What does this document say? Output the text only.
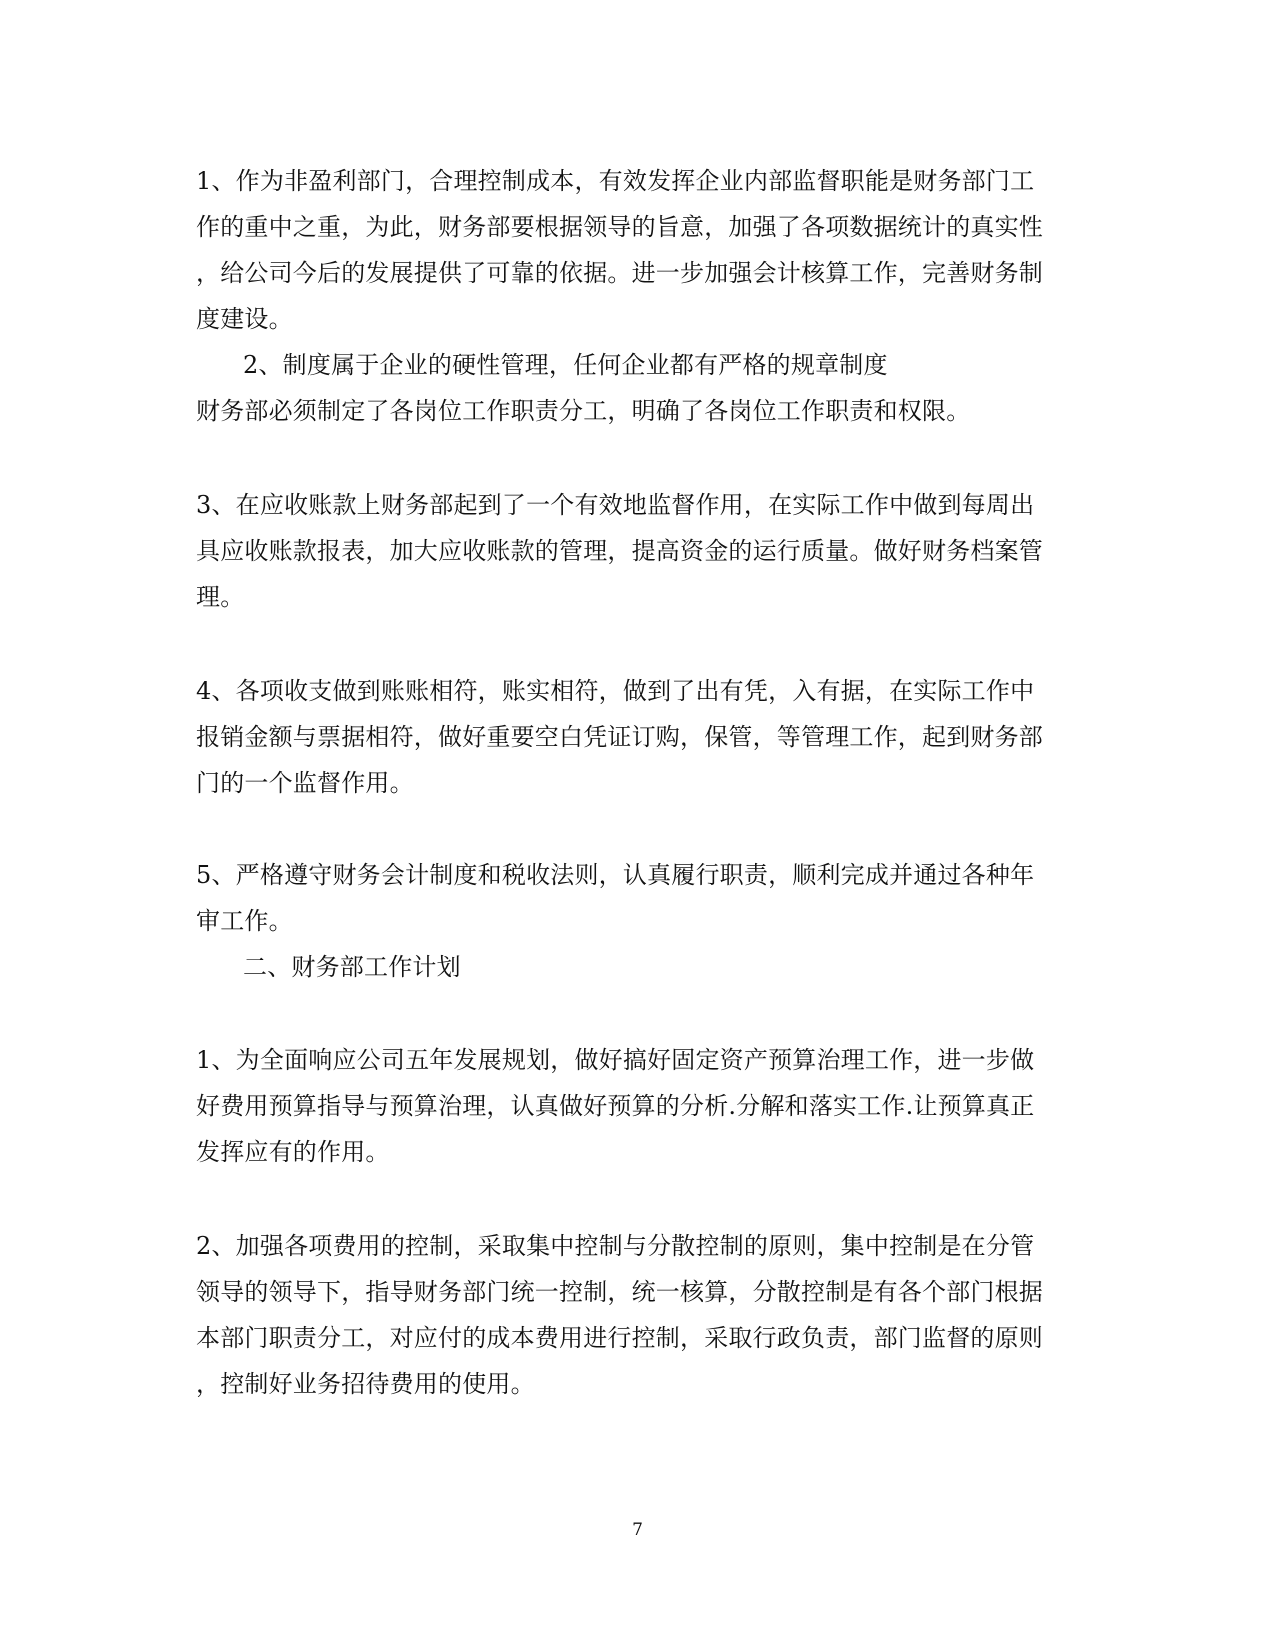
1、作为非盈利部门，合理控制成本，有效发挥企业内部监督职能是财务部门工
作的重中之重，为此，财务部要根据领导的旨意，加强了各项数据统计的真实性
，给公司今后的发展提供了可靠的依据。进一步加强会计核算工作，完善财务制
度建设。
2、制度属于企业的硬性管理，任何企业都有严格的规章制度
财务部必须制定了各岗位工作职责分工，明确了各岗位工作职责和权限。
3、在应收账款上财务部起到了一个有效地监督作用，在实际工作中做到每周出
具应收账款报表，加大应收账款的管理，提高资金的运行质量。做好财务档案管
理。
4、各项收支做到账账相符，账实相符，做到了出有凭，入有据，在实际工作中
报销金额与票据相符，做好重要空白凭证订购，保管，等管理工作，起到财务部
门的一个监督作用。
5、严格遵守财务会计制度和税收法则，认真履行职责，顺利完成并通过各种年
审工作。
二、财务部工作计划
1、为全面响应公司五年发展规划，做好搞好固定资产预算治理工作，进一步做
好费用预算指导与预算治理，认真做好预算的分析.分解和落实工作.让预算真正
发挥应有的作用。
2、加强各项费用的控制，采取集中控制与分散控制的原则，集中控制是在分管
领导的领导下，指导财务部门统一控制，统一核算，分散控制是有各个部门根据
本部门职责分工，对应付的成本费用进行控制，采取行政负责，部门监督的原则
，控制好业务招待费用的使用。
7
